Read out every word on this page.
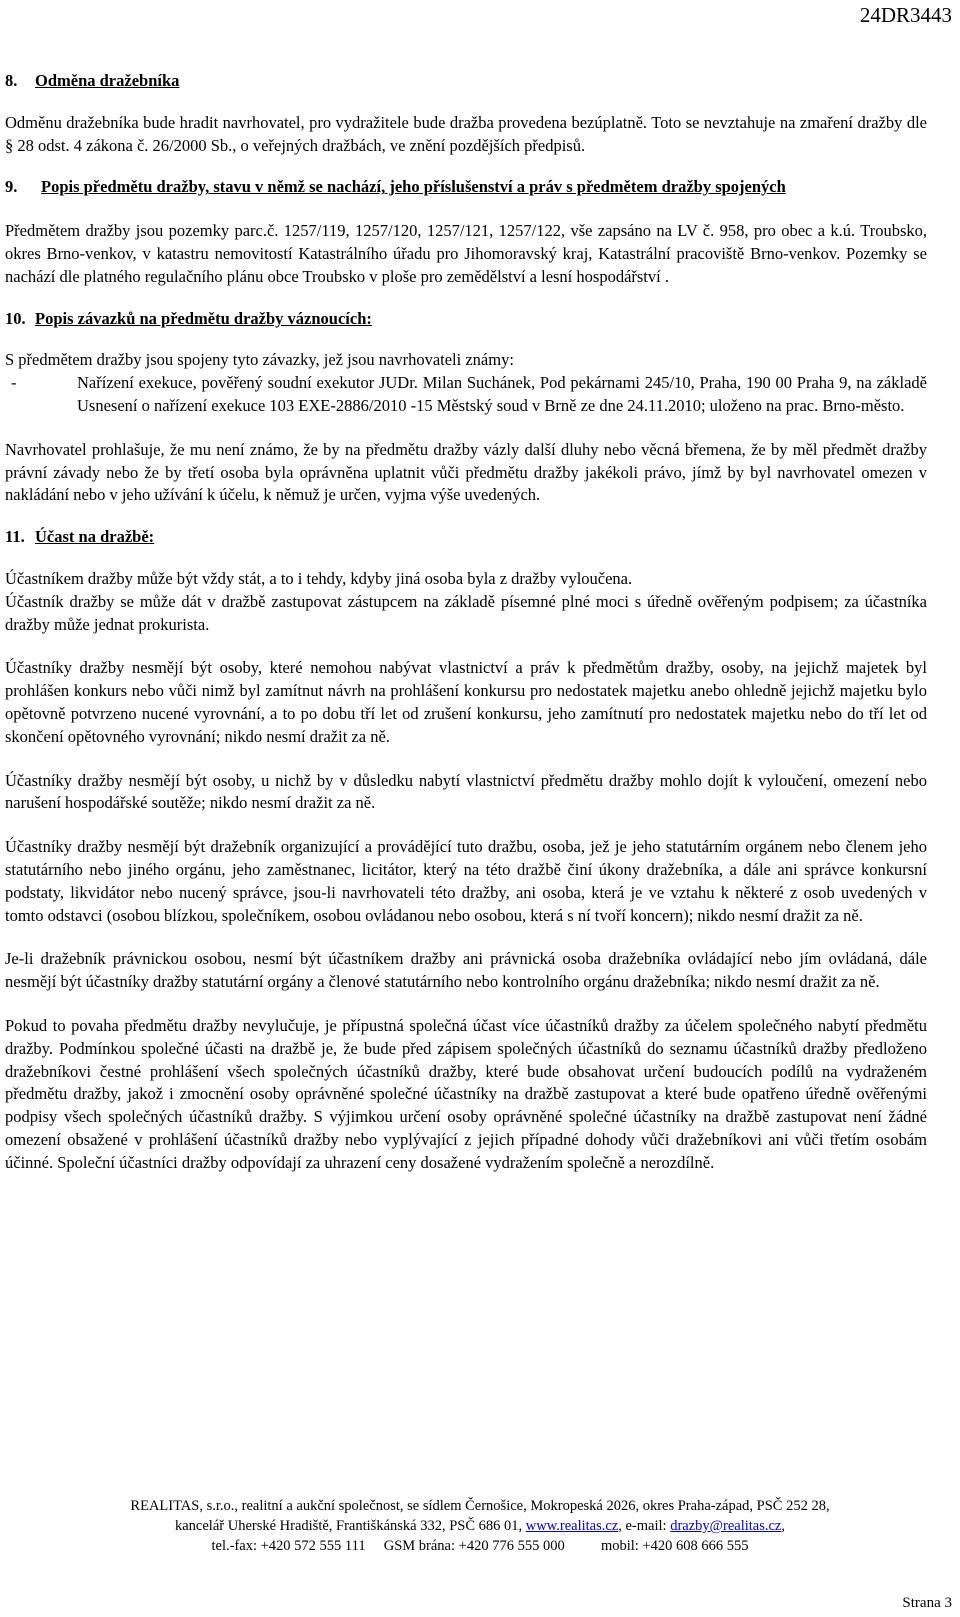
24DR3443
8. Odměna dražebníka

Odměnu dražebníka bude hradit navrhovatel, pro vydražitele bude dražba provedena bezúplatně. Toto se nevztahuje na zmaření dražby dle § 28 odst. 4 zákona č. 26/2000 Sb., o veřejných dražbách, ve znění pozdějších předpisů.

9.	Popis předmětu dražby, stavu v němž se nachází, jeho příslušenství a práv s předmětem dražby spojených

Předmětem dražby jsou pozemky parc.č. 1257/119, 1257/120, 1257/121, 1257/122, vše zapsáno na LV č. 958, pro obec a k.ú. Troubsko, okres Brno-venkov, v katastru nemovitostí Katastrálního úřadu pro Jihomoravský kraj, Katastrální pracoviště Brno-venkov. Pozemky se nachází dle platného regulačního plánu obce Troubsko v ploše pro zemědělství a lesní hospodářství .

10. Popis závazků na předmětu dražby váznoucích:

S předmětem dražby jsou spojeny tyto závazky, jež jsou navrhovateli známy:

-	Nařízení exekuce, pověřený soudní exekutor JUDr. Milan Suchánek, Pod pekárnami 245/10, Praha, 190 00 Praha 9, na základě Usnesení o nařízení exekuce 103 EXE-2886/2010 -15 Městský soud v Brně ze dne 24.11.2010; uloženo na prac. Brno-město.

Navrhovatel prohlašuje, že mu není známo, že by na předmětu dražby vázly další dluhy nebo věcná břemena, že by měl předmět dražby právní závady nebo že by třetí osoba byla oprávněna uplatnit vůči předmětu dražby jakékoli právo, jímž by byl navrhovatel omezen v nakládání nebo v jeho užívání k účelu, k němuž je určen, vyjma výše uvedených.

11. Účast na dražbě:

Účastníkem dražby může být vždy stát, a to i tehdy, kdyby jiná osoba byla z dražby vyloučena.

Účastník dražby se může dát v dražbě zastupovat zástupcem na základě písemné plné moci s úředně ověřeným podpisem; za účastníka dražby může jednat prokurista.

Účastníky dražby nesmějí být osoby, které nemohou nabývat vlastnictví a práv k předmětům dražby, osoby, na jejichž majetek byl prohlášen konkurs nebo vůči nimž byl zamítnut návrh na prohlášení konkursu pro nedostatek majetku anebo ohledně jejichž majetku bylo opětovně potvrzeno nucené vyrovnání, a to po dobu tří let od zrušení konkursu, jeho zamítnutí pro nedostatek majetku nebo do tří let od skončení opětovného vyrovnání; nikdo nesmí dražit za ně.

Účastníky dražby nesmějí být osoby, u nichž by v důsledku nabytí vlastnictví předmětu dražby mohlo dojít k vyloučení, omezení nebo narušení hospodářské soutěže; nikdo nesmí dražit za ně.

Účastníky dražby nesmějí být dražebník organizující a provádějící tuto dražbu, osoba, jež je jeho statutárním orgánem nebo členem jeho statutárního nebo jiného orgánu, jeho zaměstnanec, licitátor, který na této dražbě činí úkony dražebníka, a dále ani správce konkursní podstaty, likvidátor nebo nucený správce, jsou-li navrhovateli této dražby, ani osoba, která je ve vztahu k některé z osob uvedených v tomto odstavci (osobou blízkou, společníkem, osobou ovládanou nebo osobou, která s ní tvoří koncern); nikdo nesmí dražit za ně.

Je-li dražebník právnickou osobou, nesmí být účastníkem dražby ani právnická osoba dražebníka ovládající nebo jím ovládaná, dále nesmějí být účastníky dražby statutární orgány a členové statutárního nebo kontrolního orgánu dražebníka; nikdo nesmí dražit za ně.

Pokud to povaha předmětu dražby nevylučuje, je přípustná společná účast více účastníků dražby za účelem společného nabytí předmětu dražby. Podmínkou společné účasti na dražbě je, že bude před zápisem společných účastníků do seznamu účastníků dražby předloženo dražebníkovi čestné prohlášení všech společných účastníků dražby, které bude obsahovat určení budoucích podílů na vydraženém předmětu dražby, jakož i zmocnění osoby oprávněné společné účastníky na dražbě zastupovat a které bude opatřeno úředně ověřenými podpisy všech společných účastníků dražby. S výjimkou určení osoby oprávněné společné účastníky na dražbě zastupovat není žádné omezení obsažené v prohlášení účastníků dražby nebo vyplývající z jejich případné dohody vůči dražebníkovi ani vůči třetím osobám účinné. Společní účastníci dražby odpovídají za uhrazení ceny dosažené vydražením společně a nerozdílně.

REALITAS, s.r.o., realitní a aukční společnost, se sídlem Černošice, Mokropeská 2026, okres Praha-západ, PSČ 252 28,
kancelář Uherské Hradiště, Františkánská 332, PSČ 686 01, www.realitas.cz, e-mail: drazby@realitas.cz,
tel.-fax: +420 572 555 111     GSM brána: +420 776 555 000          mobil: +420 608 666 555
Strana 3
